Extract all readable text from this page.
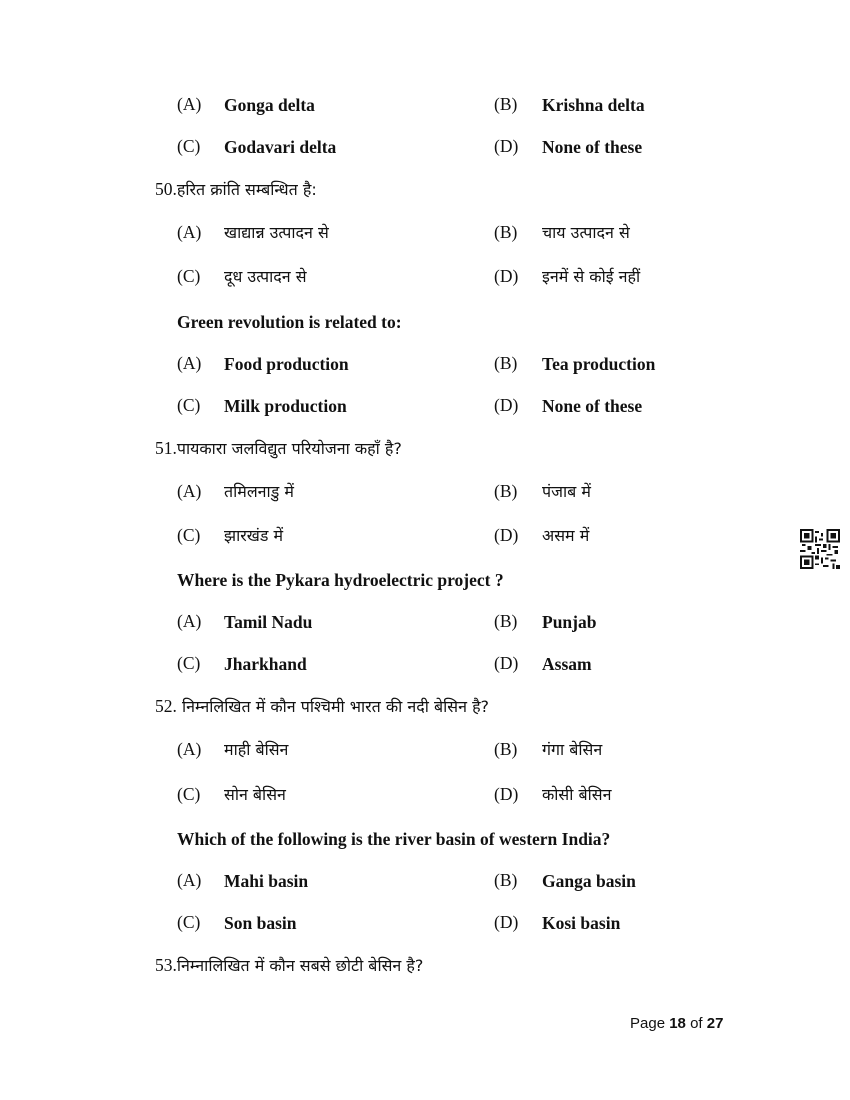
(A) Gonga delta	(B) Krishna delta
(C) Godavari delta	(D) None of these
50.हरित क्रांति सम्बन्धित है:
(A) खाद्यान्न उत्पादन से	(B) चाय उत्पादन से
(C) दूध उत्पादन से	(D) इनमें से कोई नहीं
Green revolution is related to:
(A) Food production	(B) Tea production
(C) Milk production	(D) None of these
51.पायकारा जलविद्युत परियोजना कहाँ है?
(A) तमिलनाडु में	(B) पंजाब में
(C) झारखंड में	(D) असम में
Where is the Pykara hydroelectric project ?
(A) Tamil Nadu	(B) Punjab
(C) Jharkhand	(D) Assam
52. निम्नलिखित में कौन पश्चिमी भारत की नदी बेसिन है?
(A) माही बेसिन	(B) गंगा बेसिन
(C) सोन बेसिन	(D) कोसी बेसिन
Which of the following is the river basin of western India?
(A) Mahi basin	(B) Ganga basin
(C) Son basin	(D) Kosi basin
53.निम्नालिखित में कौन सबसे छोटी बेसिन है?
Page 18 of 27
